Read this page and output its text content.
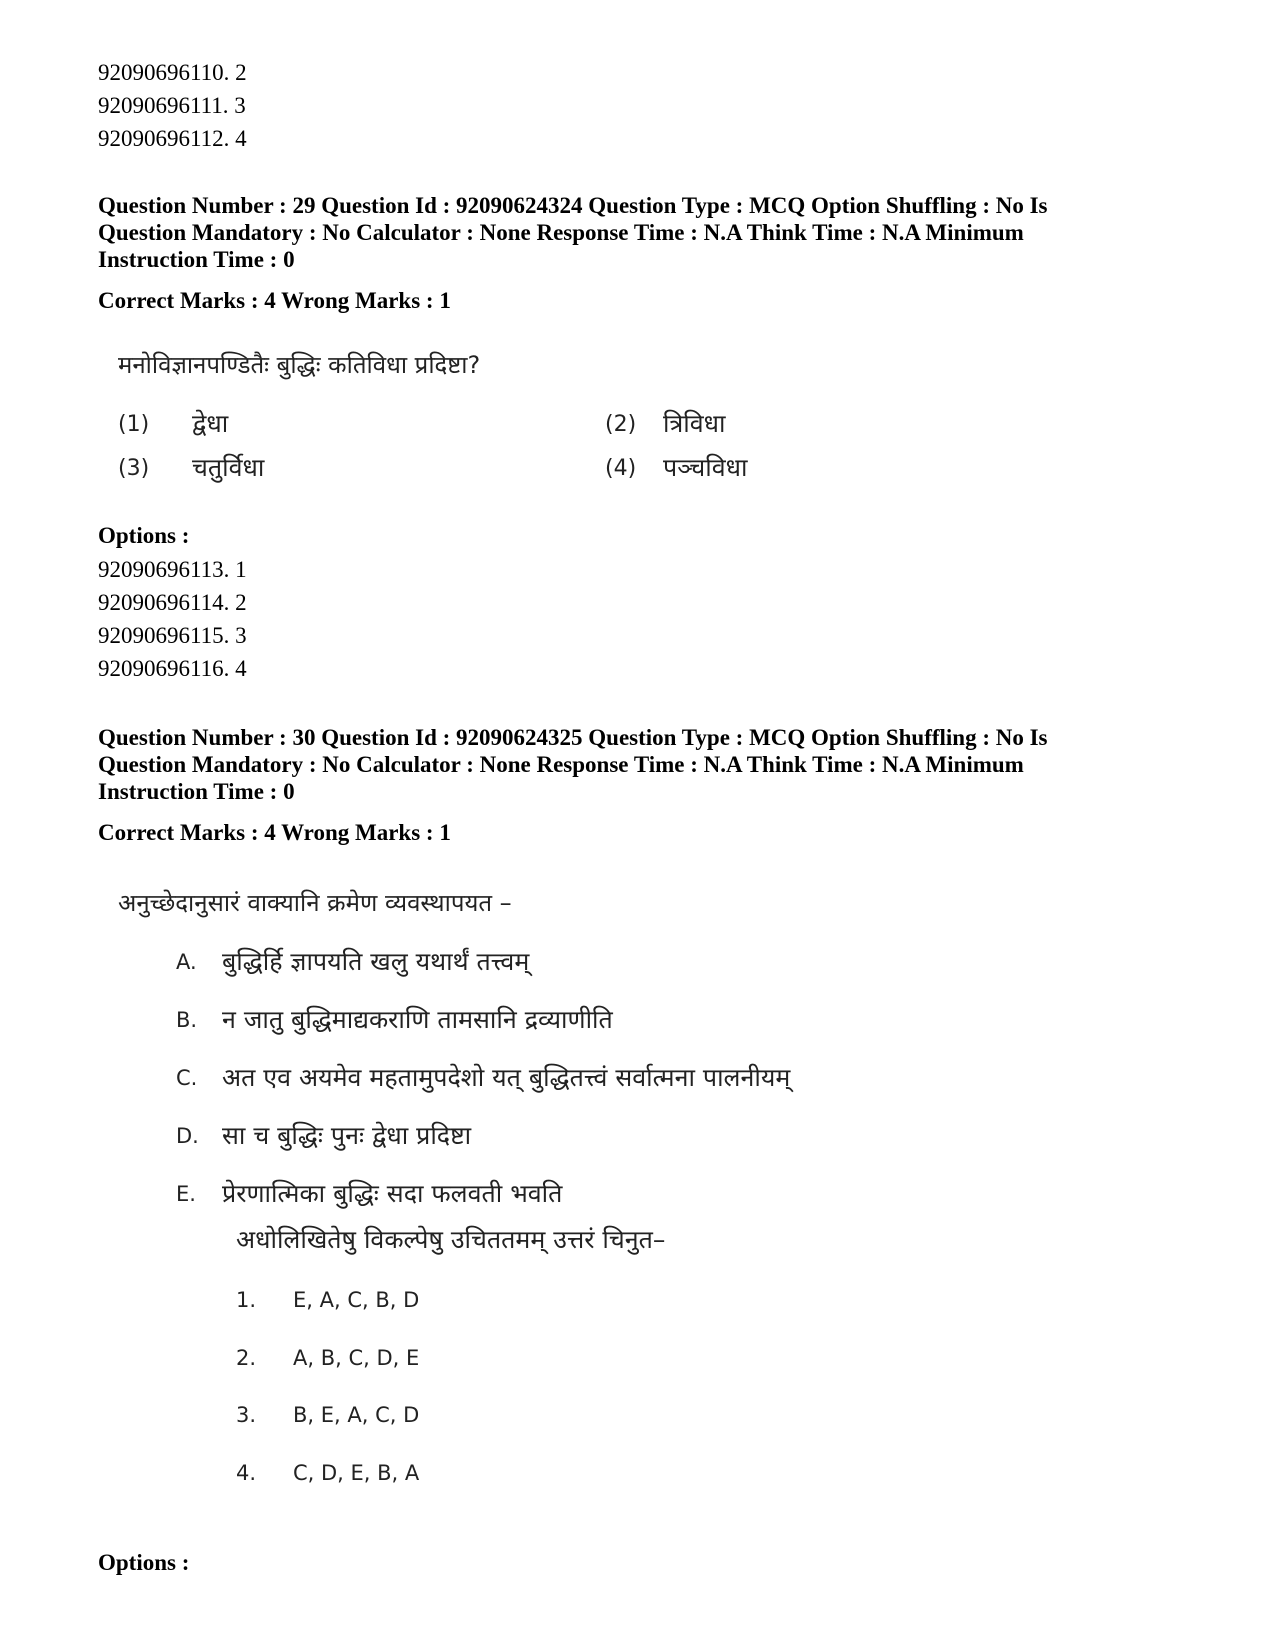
92090696110. 2
92090696111. 3
92090696112. 4
Question Number : 29 Question Id : 92090624324 Question Type : MCQ Option Shuffling : No Is
Question Mandatory : No Calculator : None Response Time : N.A Think Time : N.A Minimum
Instruction Time : 0
Correct Marks : 4 Wrong Marks : 1
मनोविज्ञानपण्डितैः बुद्धिः कतिविधा प्रदिष्टा?
(1) द्वेधा	(2) त्रिविधा
(3) चतुर्विधा	(4) पञ्चविधा
Options :
92090696113. 1
92090696114. 2
92090696115. 3
92090696116. 4
Question Number : 30 Question Id : 92090624325 Question Type : MCQ Option Shuffling : No Is
Question Mandatory : No Calculator : None Response Time : N.A Think Time : N.A Minimum
Instruction Time : 0
Correct Marks : 4 Wrong Marks : 1
अनुच्छेदानुसारं वाक्यानि क्रमेण व्यवस्थापयत –
A. बुद्धिर्हि ज्ञापयति खलु यथार्थं तत्त्वम्
B. न जातु बुद्धिमाद्यकराणि तामसानि द्रव्याणीति
C. अत एव अयमेव महतामुपदेशो यत् बुद्धितत्त्वं सर्वात्मना पालनीयम्
D. सा च बुद्धिः पुनः द्वेधा प्रदिष्टा
E. प्रेरणात्मिका बुद्धिः सदा फलवती भवति
अधोलिखितेषु विकल्पेषु उचिततमम् उत्तरं चिनुत–
1. E, A, C, B, D
2. A, B, C, D, E
3. B, E, A, C, D
4. C, D, E, B, A
Options :
